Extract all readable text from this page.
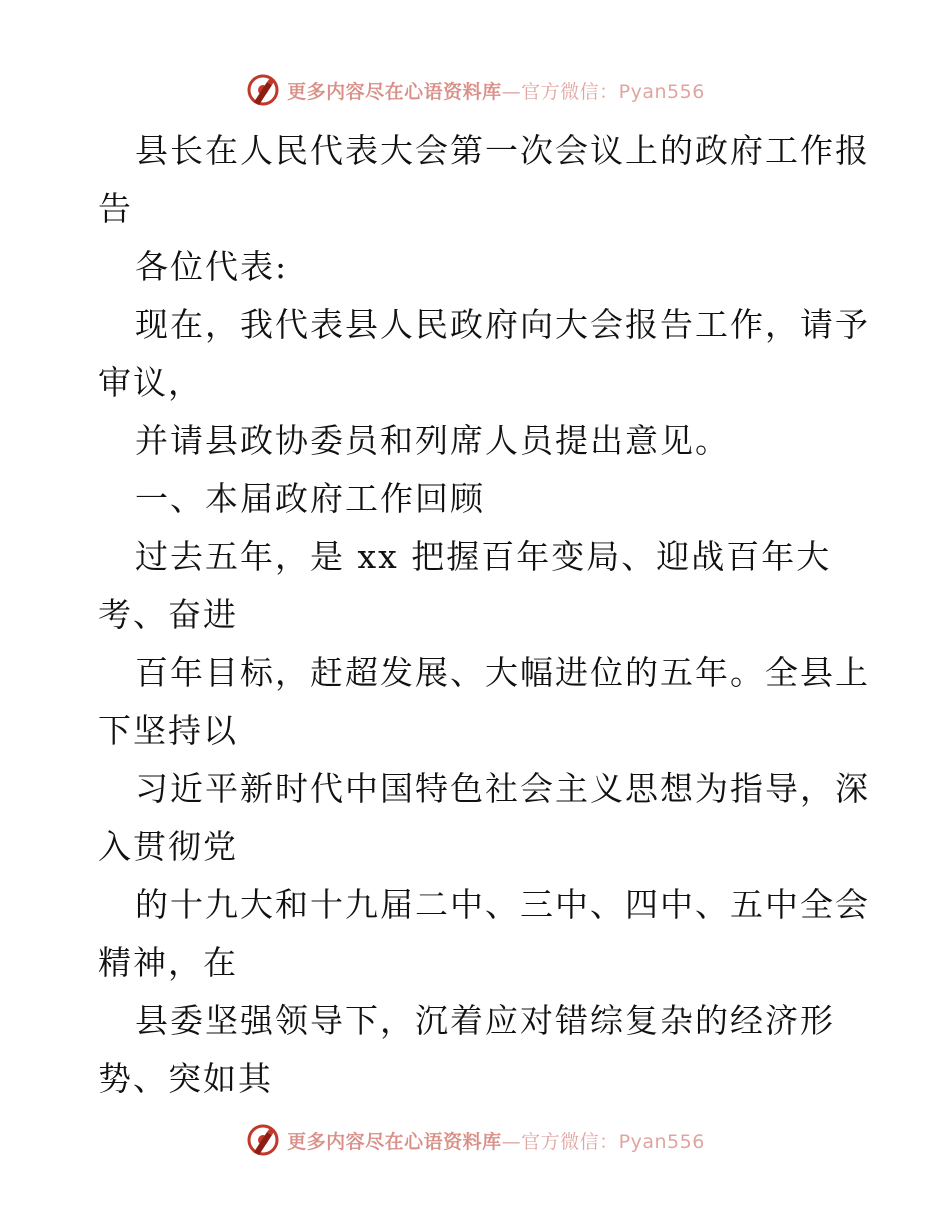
更多内容尽在心语资料库—官方微信：Pyan556
县长在人民代表大会第一次会议上的政府工作报
告
各位代表:
现在，我代表县人民政府向大会报告工作，请予
审议，
并请县政协委员和列席人员提出意见。
一、本届政府工作回顾
过去五年，是 xx 把握百年变局、迎战百年大
考、奋进
百年目标，赶超发展、大幅进位的五年。全县上
下坚持以
习近平新时代中国特色社会主义思想为指导，深
入贯彻党
的十九大和十九届二中、三中、四中、五中全会
精神，在
县委坚强领导下，沉着应对错综复杂的经济形
势、突如其
更多内容尽在心语资料库—官方微信：Pyan556
